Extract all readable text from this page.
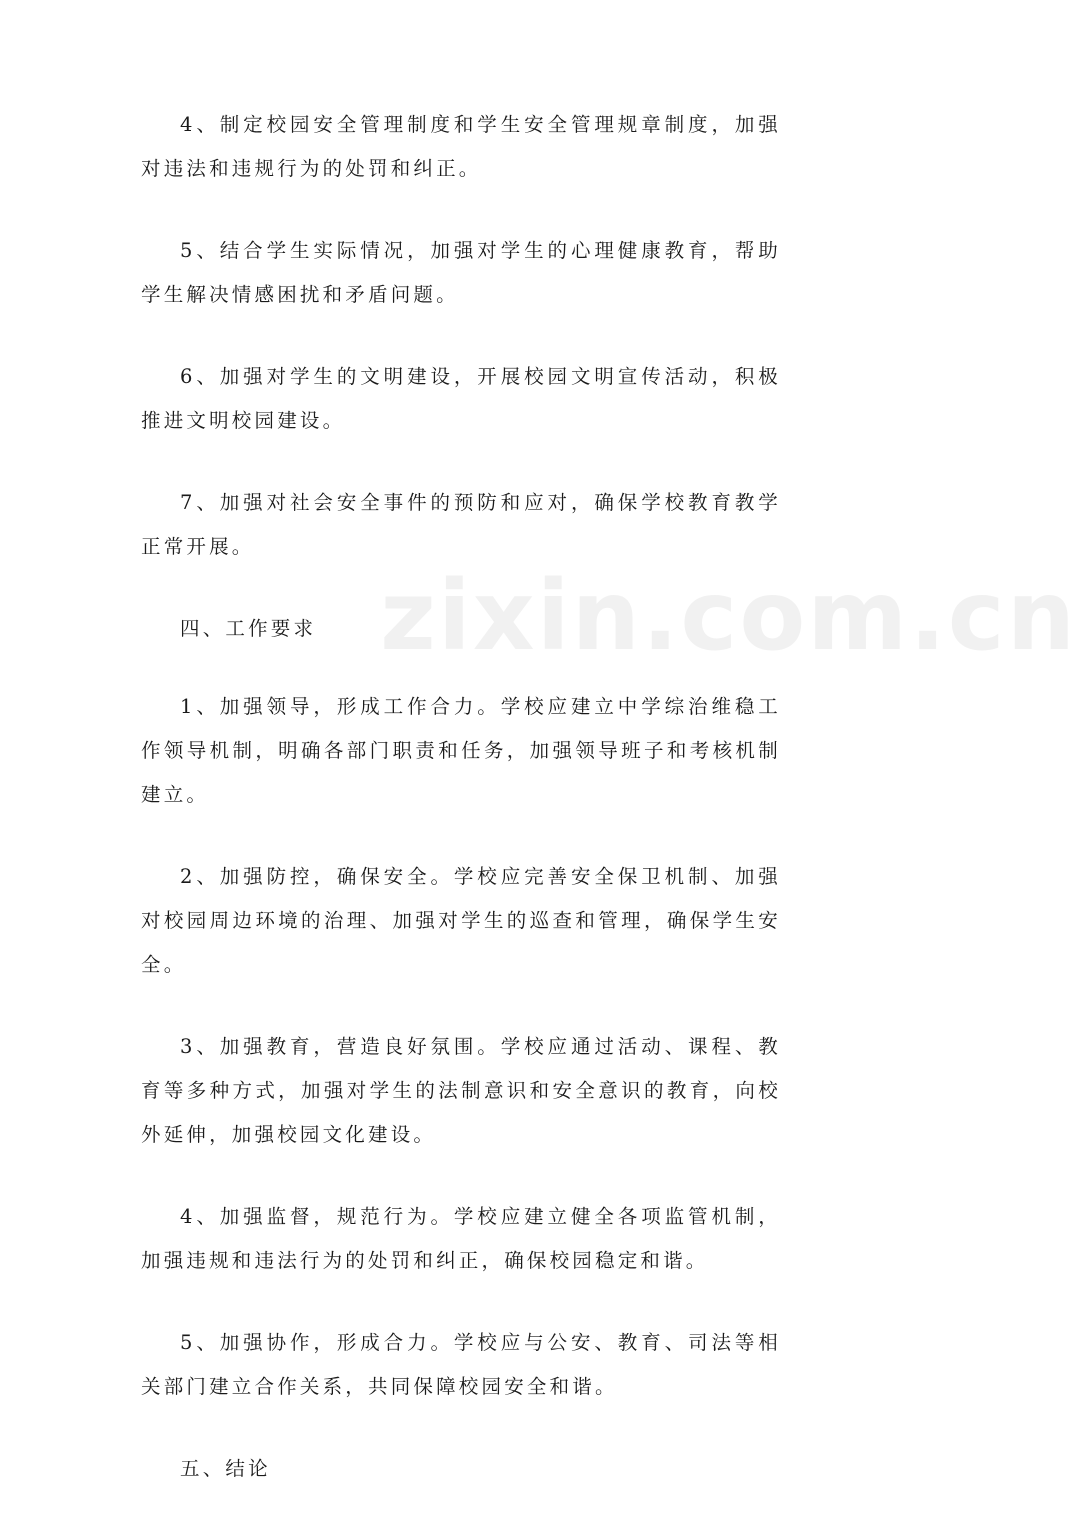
4、制定校园安全管理制度和学生安全管理规章制度，加强对违法和违规行为的处罚和纠正。

5、结合学生实际情况，加强对学生的心理健康教育，帮助学生解决情感困扰和矛盾问题。

6、加强对学生的文明建设，开展校园文明宣传活动，积极推进文明校园建设。

7、加强对社会安全事件的预防和应对，确保学校教育教学正常开展。

四、工作要求

1、加强领导，形成工作合力。学校应建立中学综治维稳工作领导机制，明确各部门职责和任务，加强领导班子和考核机制建立。

2、加强防控，确保安全。学校应完善安全保卫机制、加强对校园周边环境的治理、加强对学生的巡查和管理，确保学生安全。

3、加强教育，营造良好氛围。学校应通过活动、课程、教育等多种方式，加强对学生的法制意识和安全意识的教育，向校外延伸，加强校园文化建设。

4、加强监督，规范行为。学校应建立健全各项监管机制，加强违规和违法行为的处罚和纠正，确保校园稳定和谐。

5、加强协作，形成合力。学校应与公安、教育、司法等相关部门建立合作关系，共同保障校园安全和谐。

五、结论

zixin.com.cn
